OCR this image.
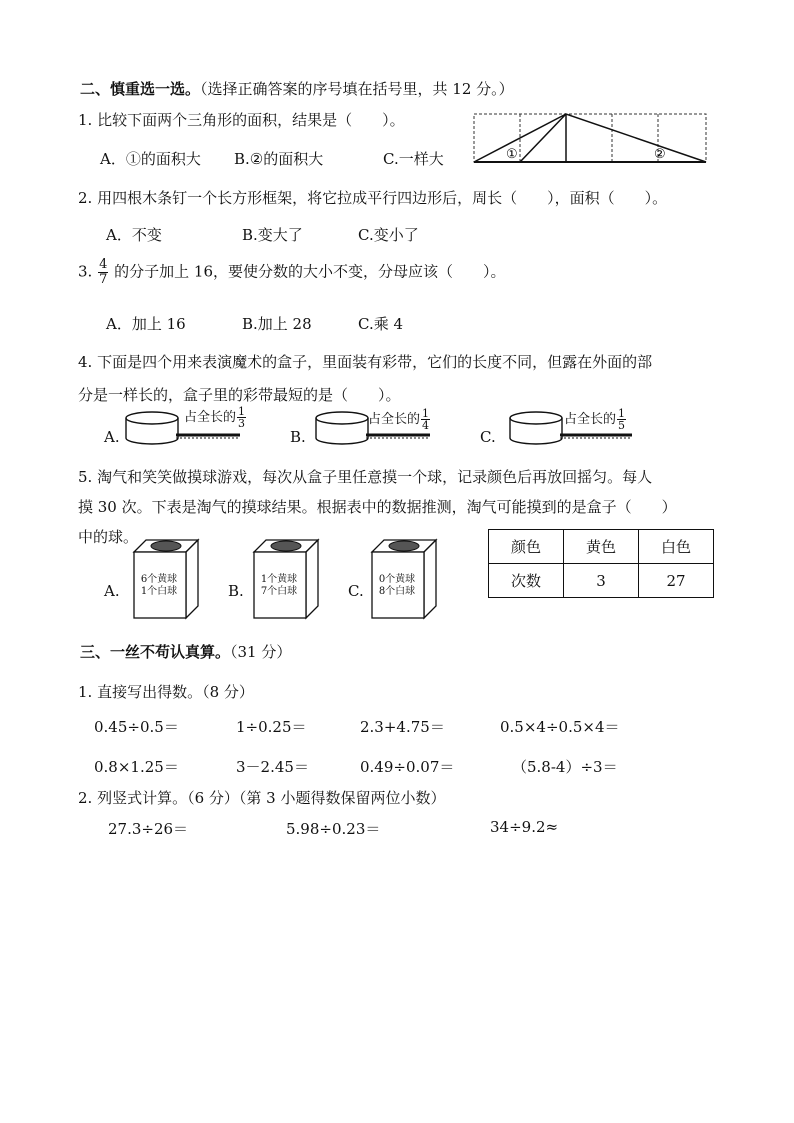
二、慎重选一选。（选择正确答案的序号填在括号里，共 12 分。）
1. 比较下面两个三角形的面积，结果是（　　）。
①	②
A．①的面积大 B.②的面积大	C.一样大
2. 用四根木条钉一个长方形框架，将它拉成平行四边形后，周长（　　），面积（　　）。
A．不变	B.变大了	C.变小了
3. $\frac{4}{7}$ 的分子加上 16，要使分数的大小不变，分母应该（　　）。
A．加上 16	B.加上 28	C.乘 4
4. 下面是四个用来表演魔术的盒子，里面装有彩带，它们的长度不同，但露在外面的部
分是一样长的，盒子里的彩带最短的是（　　）。
A.
占全长的 $\frac{1}{3}$
B.
占全长的 $\frac{1}{4}$
C.
占全长的 $\frac{1}{5}$
5. 淘气和笑笑做摸球游戏，每次从盒子里任意摸一个球，记录颜色后再放回摇匀。每人
摸 30 次。下表是淘气的摸球结果。根据表中的数据推测，淘气可能摸到的是盒子（　　）
中的球。
A.
6个黄球
1个白球	B.
1个黄球
7个白球	C.
0个黄球
8个白球
颜色	黄色	白色
次数	3	27
三、一丝不苟认真算。（31 分）
1. 直接写出得数。（8 分）
0.45÷0.5＝	1÷0.25＝	2.3+4.75＝	0.5×4÷0.5×4＝
0.8×1.25＝	3－2.45＝	0.49÷0.07＝	（5.8-4）÷3＝
2. 列竖式计算。（6 分）（第 3 小题得数保留两位小数）
27.3÷26＝	5.98÷0.23＝	34÷9.2≈
